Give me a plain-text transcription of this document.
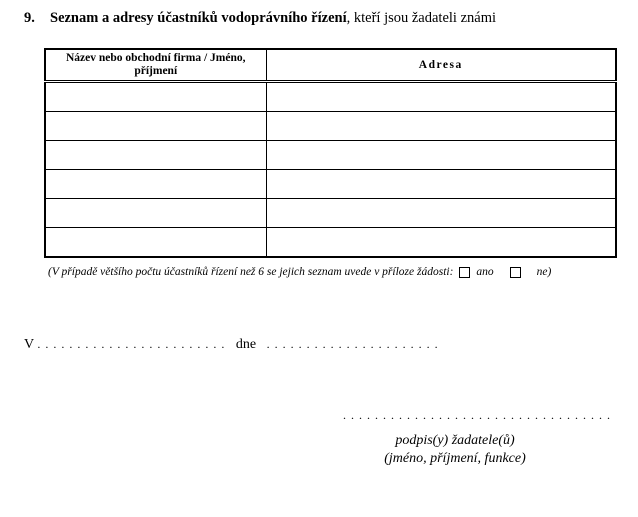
9. Seznam a adresy účastníků vodoprávního řízení, kteří jsou žadateli známi
Název nebo obchodní firma / Jméno, příjmení	Adresa

(V případě většího počtu účastníků řízení než 6 se jejich seznam uvede v příloze žádosti: ano	ne)
V . . . . . . . . . . . . . . . . . . . . . . . . dne . . . . . . . . . . . . . . . . . . . . . .
. . . . . . . . . . . . . . . . . . . . . . . . . . . . . . . . . .
podpis(y) žadatele(ů)
(jméno, příjmení, funkce)
